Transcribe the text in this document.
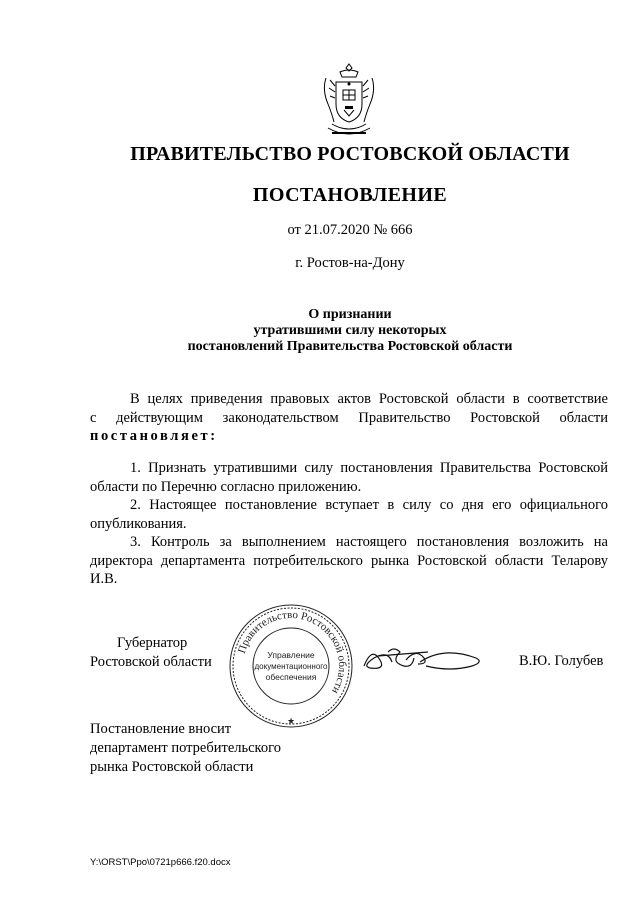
ПРАВИТЕЛЬСТВО РОСТОВСКОЙ ОБЛАСТИ
ПОСТАНОВЛЕНИЕ
от 21.07.2020 № 666
г. Ростов-на-Дону
О признании
утратившими силу некоторых
постановлений Правительства Ростовской области
В целях приведения правовых актов Ростовской области в соответствие
с действующим законодательством Правительство Ростовской области
постановляет:
1. Признать утратившими силу постановления Правительства Ростовской области по Перечню согласно приложению.
2. Настоящее постановление вступает в силу со дня его официального опубликования.
3. Контроль за выполнением настоящего постановления возложить на директора департамента потребительского рынка Ростовской области Теларову И.В.
Губернатор
Ростовской области
Правительство Ростовской области
Управление
документационного
обеспечения
★
В.Ю. Голубев
Постановление вносит
департамент потребительского
рынка Ростовской области
Y:\ORST\Ppo\0721p666.f20.docx
